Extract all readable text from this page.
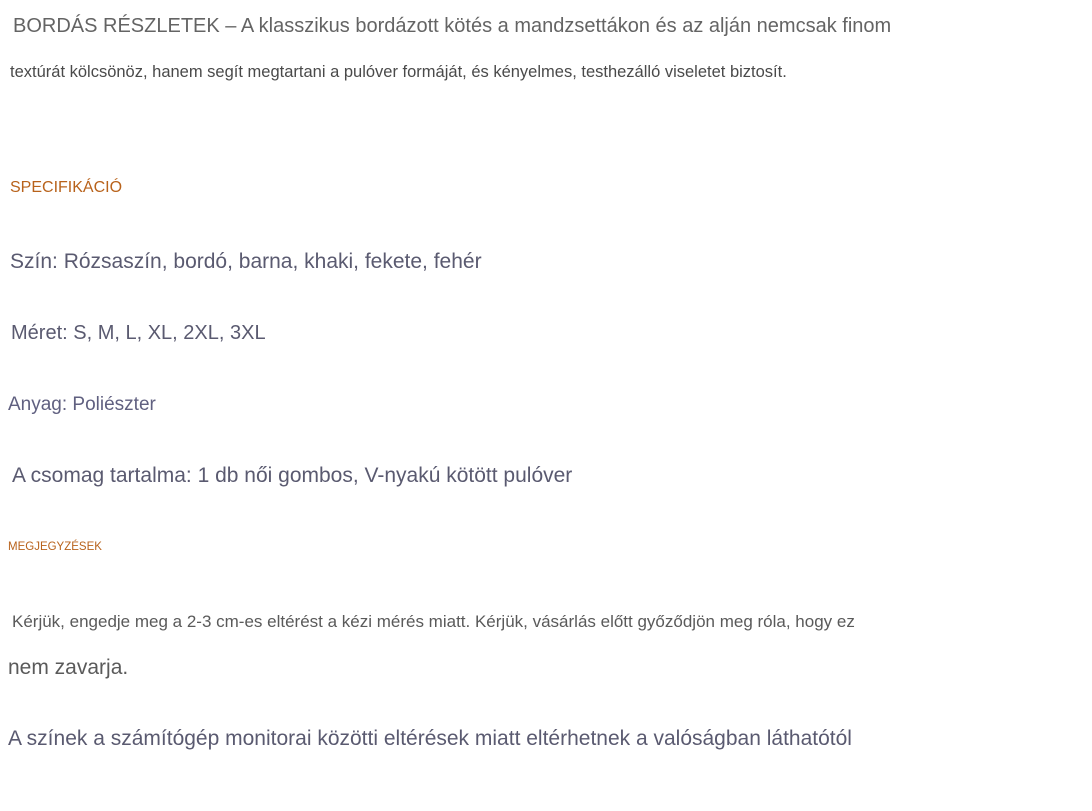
BORDÁS RÉSZLETEK – A klasszikus bordázott kötés a mandzsettákon és az alján nemcsak finom

textúrát kölcsönöz, hanem segít megtartani a pulóver formáját, és kényelmes, testhezálló viseletet biztosít.

SPECIFIKÁCIÓ

Szín: Rózsaszín, bordó, barna, khaki, fekete, fehér

Méret: S, M, L, XL, 2XL, 3XL

Anyag: Poliészter

A csomag tartalma: 1 db női gombos, V-nyakú kötött pulóver

MEGJEGYZÉSEK

Kérjük, engedje meg a 2-3 cm-es eltérést a kézi mérés miatt. Kérjük, vásárlás előtt győződjön meg róla, hogy ez

nem zavarja.

A színek a számítógép monitorai közötti eltérések miatt eltérhetnek a valóságban láthatótól
